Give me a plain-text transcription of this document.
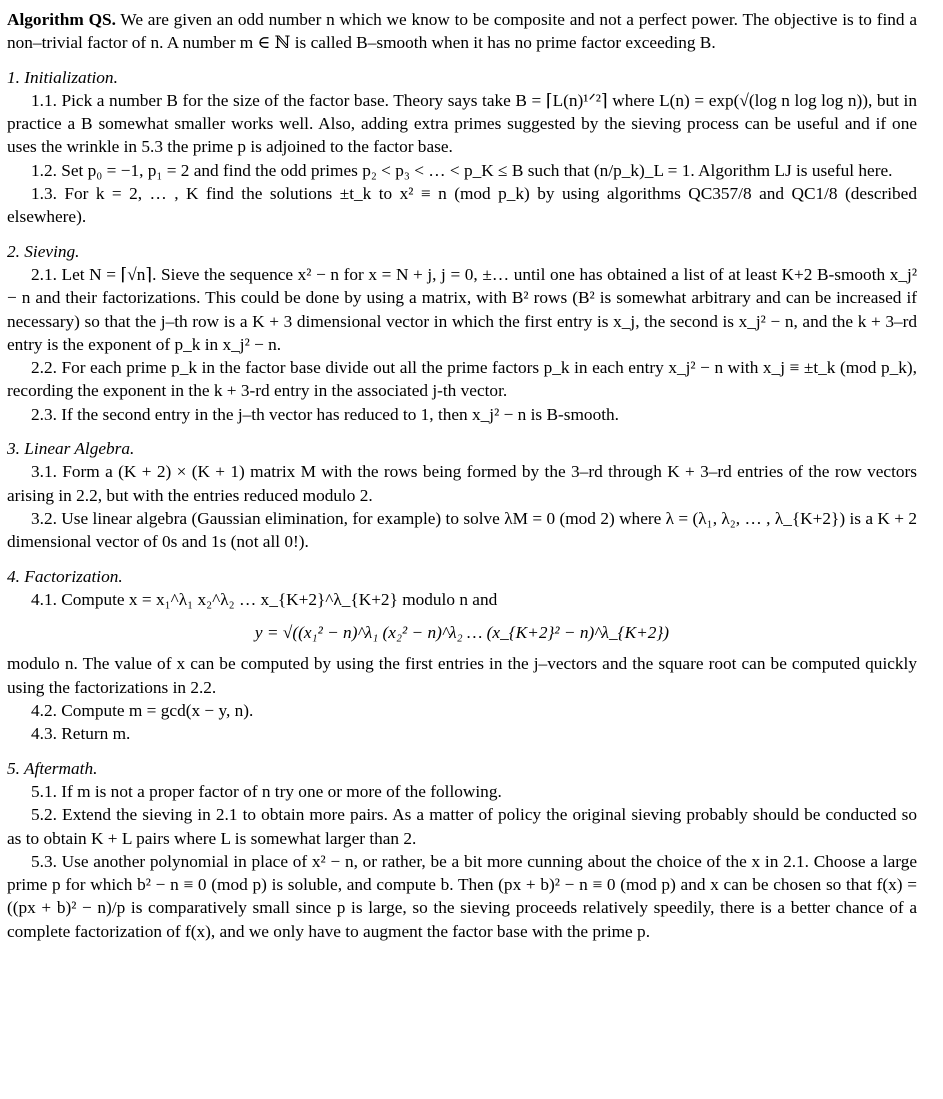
Algorithm QS. We are given an odd number n which we know to be composite and not a perfect power. The objective is to find a non–trivial factor of n. A number m ∈ ℕ is called B–smooth when it has no prime factor exceeding B.

1. Initialization.

1.1. Pick a number B for the size of the factor base. Theory says take B = ⌈L(n)¹ᐟ²⌉ where L(n) = exp(√(log n log log n)), but in practice a B somewhat smaller works well. Also, adding extra primes suggested by the sieving process can be useful and if one uses the wrinkle in 5.3 the prime p is adjoined to the factor base.

1.2. Set p₀ = −1, p₁ = 2 and find the odd primes p₂ < p₃ < … < p_K ≤ B such that (n/p_k)_L = 1. Algorithm LJ is useful here.

1.3. For k = 2, … , K find the solutions ±t_k to x² ≡ n (mod p_k) by using algorithms QC357/8 and QC1/8 (described elsewhere).

2. Sieving.

2.1. Let N = ⌈√n⌉. Sieve the sequence x² − n for x = N + j, j = 0, ±… until one has obtained a list of at least K+2 B-smooth x_j² − n and their factorizations. This could be done by using a matrix, with B² rows (B² is somewhat arbitrary and can be increased if necessary) so that the j–th row is a K + 3 dimensional vector in which the first entry is x_j, the second is x_j² − n, and the k + 3–rd entry is the exponent of p_k in x_j² − n.

2.2. For each prime p_k in the factor base divide out all the prime factors p_k in each entry x_j² − n with x_j ≡ ±t_k (mod p_k), recording the exponent in the k + 3-rd entry in the associated j-th vector.

2.3. If the second entry in the j–th vector has reduced to 1, then x_j² − n is B-smooth.

3. Linear Algebra.

3.1. Form a (K + 2) × (K + 1) matrix M with the rows being formed by the 3–rd through K + 3–rd entries of the row vectors arising in 2.2, but with the entries reduced modulo 2.

3.2. Use linear algebra (Gaussian elimination, for example) to solve λM = 0 (mod 2) where λ = (λ₁, λ₂, … , λ_{K+2}) is a K + 2 dimensional vector of 0s and 1s (not all 0!).

4. Factorization.

4.1. Compute x = x₁^λ₁ x₂^λ₂ … x_{K+2}^λ_{K+2} modulo n and

y = √((x₁² − n)^λ₁ (x₂² − n)^λ₂ … (x_{K+2}² − n)^λ_{K+2})

modulo n. The value of x can be computed by using the first entries in the j–vectors and the square root can be computed quickly using the factorizations in 2.2.

4.2. Compute m = gcd(x − y, n).

4.3. Return m.

5. Aftermath.

5.1. If m is not a proper factor of n try one or more of the following.

5.2. Extend the sieving in 2.1 to obtain more pairs. As a matter of policy the original sieving probably should be conducted so as to obtain K + L pairs where L is somewhat larger than 2.

5.3. Use another polynomial in place of x² − n, or rather, be a bit more cunning about the choice of the x in 2.1. Choose a large prime p for which b² − n ≡ 0 (mod p) is soluble, and compute b. Then (px + b)² − n ≡ 0 (mod p) and x can be chosen so that f(x) = ((px + b)² − n)/p is comparatively small since p is large, so the sieving proceeds relatively speedily, there is a better chance of a complete factorization of f(x), and we only have to augment the factor base with the prime p.
